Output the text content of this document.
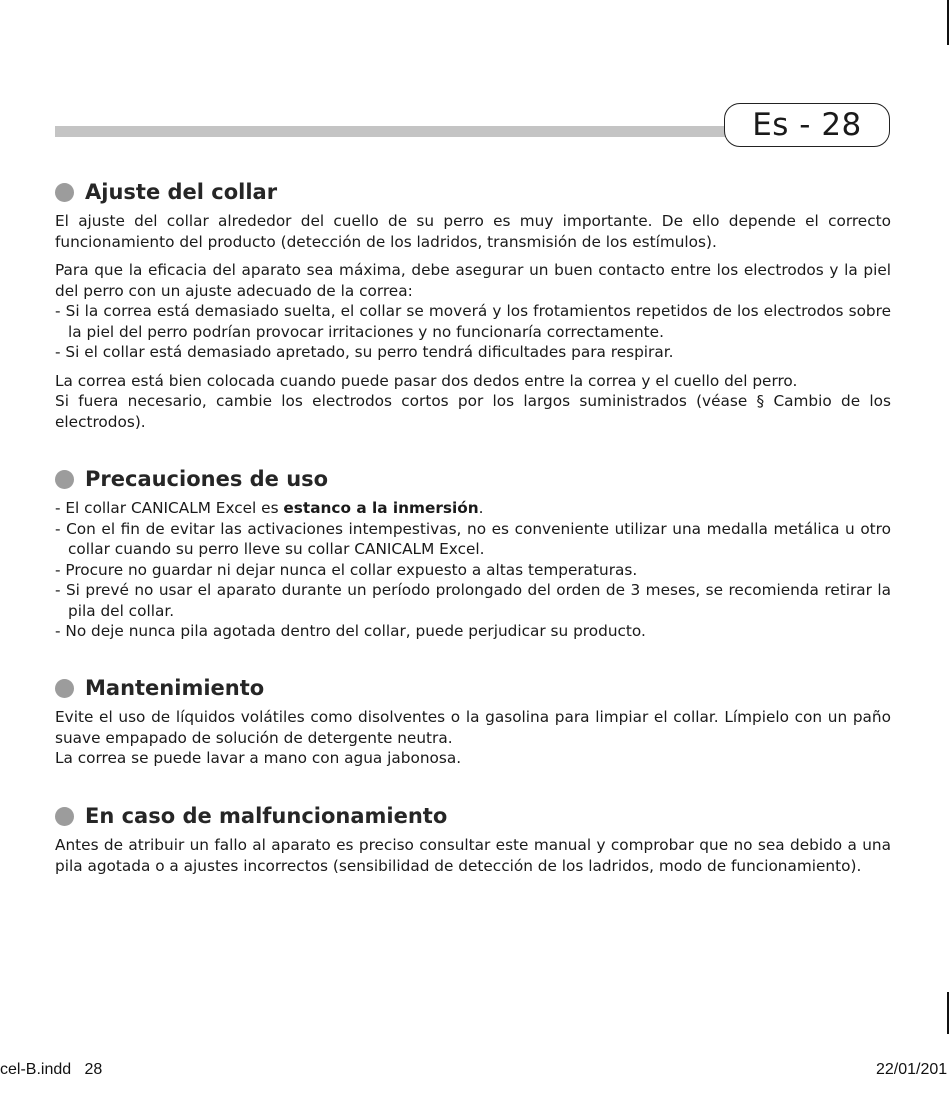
Es - 28
Ajuste del collar

El ajuste del collar alrededor del cuello de su perro es muy importante. De ello depende el correcto funcionamiento del producto (detección de los ladridos, transmisión de los estímulos).

Para que la eficacia del aparato sea máxima, debe asegurar un buen contacto entre los electrodos y la piel del perro con un ajuste adecuado de la correa:

- Si la correa está demasiado suelta, el collar se moverá y los frotamientos repetidos de los electrodos sobre la piel del perro podrían provocar irritaciones y no funcionaría correctamente.

- Si el collar está demasiado apretado, su perro tendrá dificultades para respirar.

La correa está bien colocada cuando puede pasar dos dedos entre la correa y el cuello del perro.

Si fuera necesario, cambie los electrodos cortos por los largos suministrados (véase § Cambio de los electrodos).

Precauciones de uso

- El collar CANICALM Excel es estanco a la inmersión.

- Con el fin de evitar las activaciones intempestivas, no es conveniente utilizar una medalla metálica u otro collar cuando su perro lleve su collar CANICALM Excel.

- Procure no guardar ni dejar nunca el collar expuesto a altas temperaturas.

- Si prevé no usar el aparato durante un período prolongado del orden de 3 meses, se recomienda retirar la pila del collar.

- No deje nunca pila agotada dentro del collar, puede perjudicar su producto.

Mantenimiento

Evite el uso de líquidos volátiles como disolventes o la gasolina para limpiar el collar. Límpielo con un paño suave empapado de solución de detergente neutra.

La correa se puede lavar a mano con agua jabonosa.

En caso de malfuncionamiento

Antes de atribuir un fallo al aparato es preciso consultar este manual y comprobar que no sea debido a una pila agotada o a ajustes incorrectos (sensibilidad de detección de los ladridos, modo de funcionamiento).

cel-B.indd   28	22/01/201
